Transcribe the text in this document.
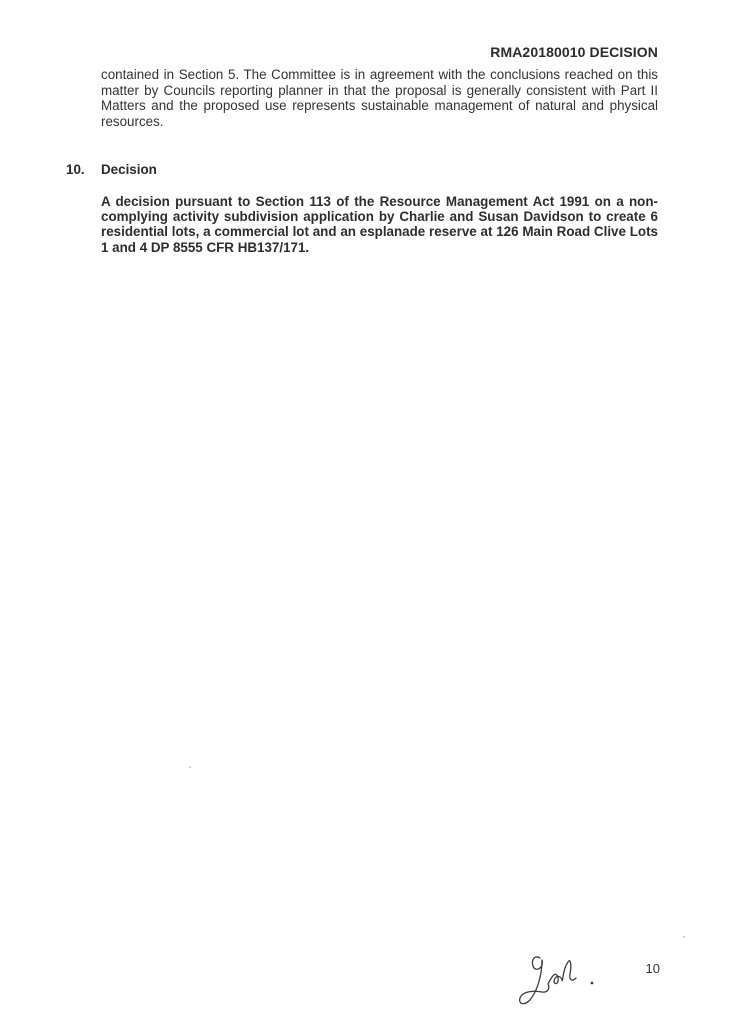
RMA20180010 DECISION

contained in Section 5. The Committee is in agreement with the conclusions reached on this matter by Councils reporting planner in that the proposal is generally consistent with Part II Matters and the proposed use represents sustainable management of natural and physical resources.

10. Decision

A decision pursuant to Section 113 of the Resource Management Act 1991 on a non-complying activity subdivision application by Charlie and Susan Davidson to create 6 residential lots, a commercial lot and an esplanade reserve at 126 Main Road Clive Lots 1 and 4 DP 8555 CFR HB137/171.

10
